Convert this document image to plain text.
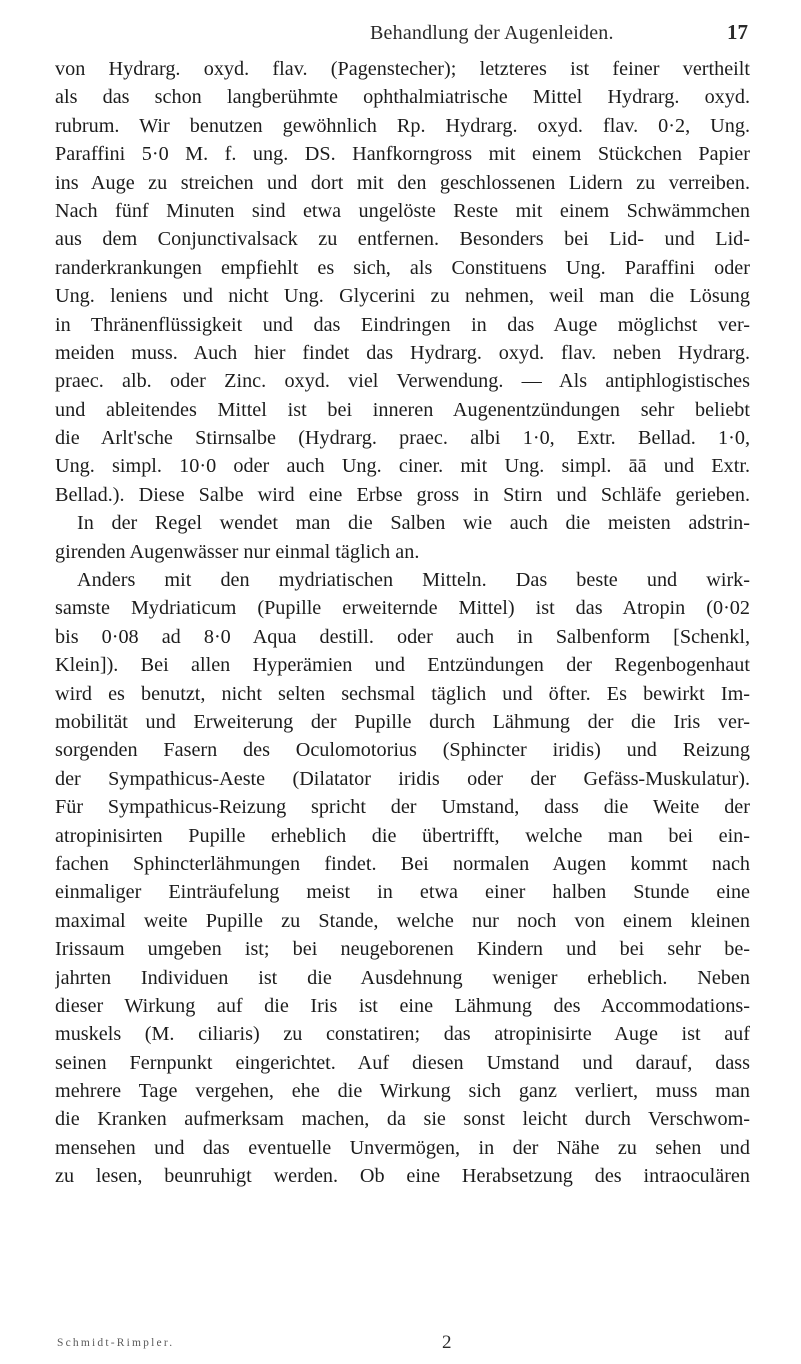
Behandlung der Augenleiden.	17
von Hydrarg. oxyd. flav. (Pagenstecher); letzteres ist feiner vertheilt
als das schon langberühmte ophthalmiatrische Mittel Hydrarg. oxyd.
rubrum. Wir benutzen gewöhnlich Rp. Hydrarg. oxyd. flav. 0·2, Ung.
Paraffini 5·0 M. f. ung. DS. Hanfkorngross mit einem Stückchen Papier
ins Auge zu streichen und dort mit den geschlossenen Lidern zu verreiben.
Nach fünf Minuten sind etwa ungelöste Reste mit einem Schwämmchen
aus dem Conjunctivalsack zu entfernen. Besonders bei Lid- und Lid-
randerkrankungen empfiehlt es sich, als Constituens Ung. Paraffini oder
Ung. leniens und nicht Ung. Glycerini zu nehmen, weil man die Lösung
in Thränenflüssigkeit und das Eindringen in das Auge möglichst ver-
meiden muss. Auch hier findet das Hydrarg. oxyd. flav. neben Hydrarg.
praec. alb. oder Zinc. oxyd. viel Verwendung. — Als antiphlogistisches
und ableitendes Mittel ist bei inneren Augenentzündungen sehr beliebt
die Arlt'sche Stirnsalbe (Hydrarg. praec. albi 1·0, Extr. Bellad. 1·0,
Ung. simpl. 10·0 oder auch Ung. ciner. mit Ung. simpl. āā und Extr.
Bellad.). Diese Salbe wird eine Erbse gross in Stirn und Schläfe gerieben.
In der Regel wendet man die Salben wie auch die meisten adstrin-
girenden Augenwässer nur einmal täglich an.
Anders mit den mydriatischen Mitteln. Das beste und wirk-
samste Mydriaticum (Pupille erweiternde Mittel) ist das Atropin (0·02
bis 0·08 ad 8·0 Aqua destill. oder auch in Salbenform [Schenkl,
Klein]). Bei allen Hyperämien und Entzündungen der Regenbogenhaut
wird es benutzt, nicht selten sechsmal täglich und öfter. Es bewirkt Im-
mobilität und Erweiterung der Pupille durch Lähmung der die Iris ver-
sorgenden Fasern des Oculomotorius (Sphincter iridis) und Reizung
der Sympathicus-Aeste (Dilatator iridis oder der Gefäss-Muskulatur).
Für Sympathicus-Reizung spricht der Umstand, dass die Weite der
atropinisirten Pupille erheblich die übertrifft, welche man bei ein-
fachen Sphincterlähmungen findet. Bei normalen Augen kommt nach
einmaliger Einträufelung meist in etwa einer halben Stunde eine
maximal weite Pupille zu Stande, welche nur noch von einem kleinen
Irissaum umgeben ist; bei neugeborenen Kindern und bei sehr be-
jahrten Individuen ist die Ausdehnung weniger erheblich. Neben
dieser Wirkung auf die Iris ist eine Lähmung des Accommodations-
muskels (M. ciliaris) zu constatiren; das atropinisirte Auge ist auf
seinen Fernpunkt eingerichtet. Auf diesen Umstand und darauf, dass
mehrere Tage vergehen, ehe die Wirkung sich ganz verliert, muss man
die Kranken aufmerksam machen, da sie sonst leicht durch Verschwom-
mensehen und das eventuelle Unvermögen, in der Nähe zu sehen und
zu lesen, beunruhigt werden. Ob eine Herabsetzung des intraoculären
Schmidt-Rimpler.	2
